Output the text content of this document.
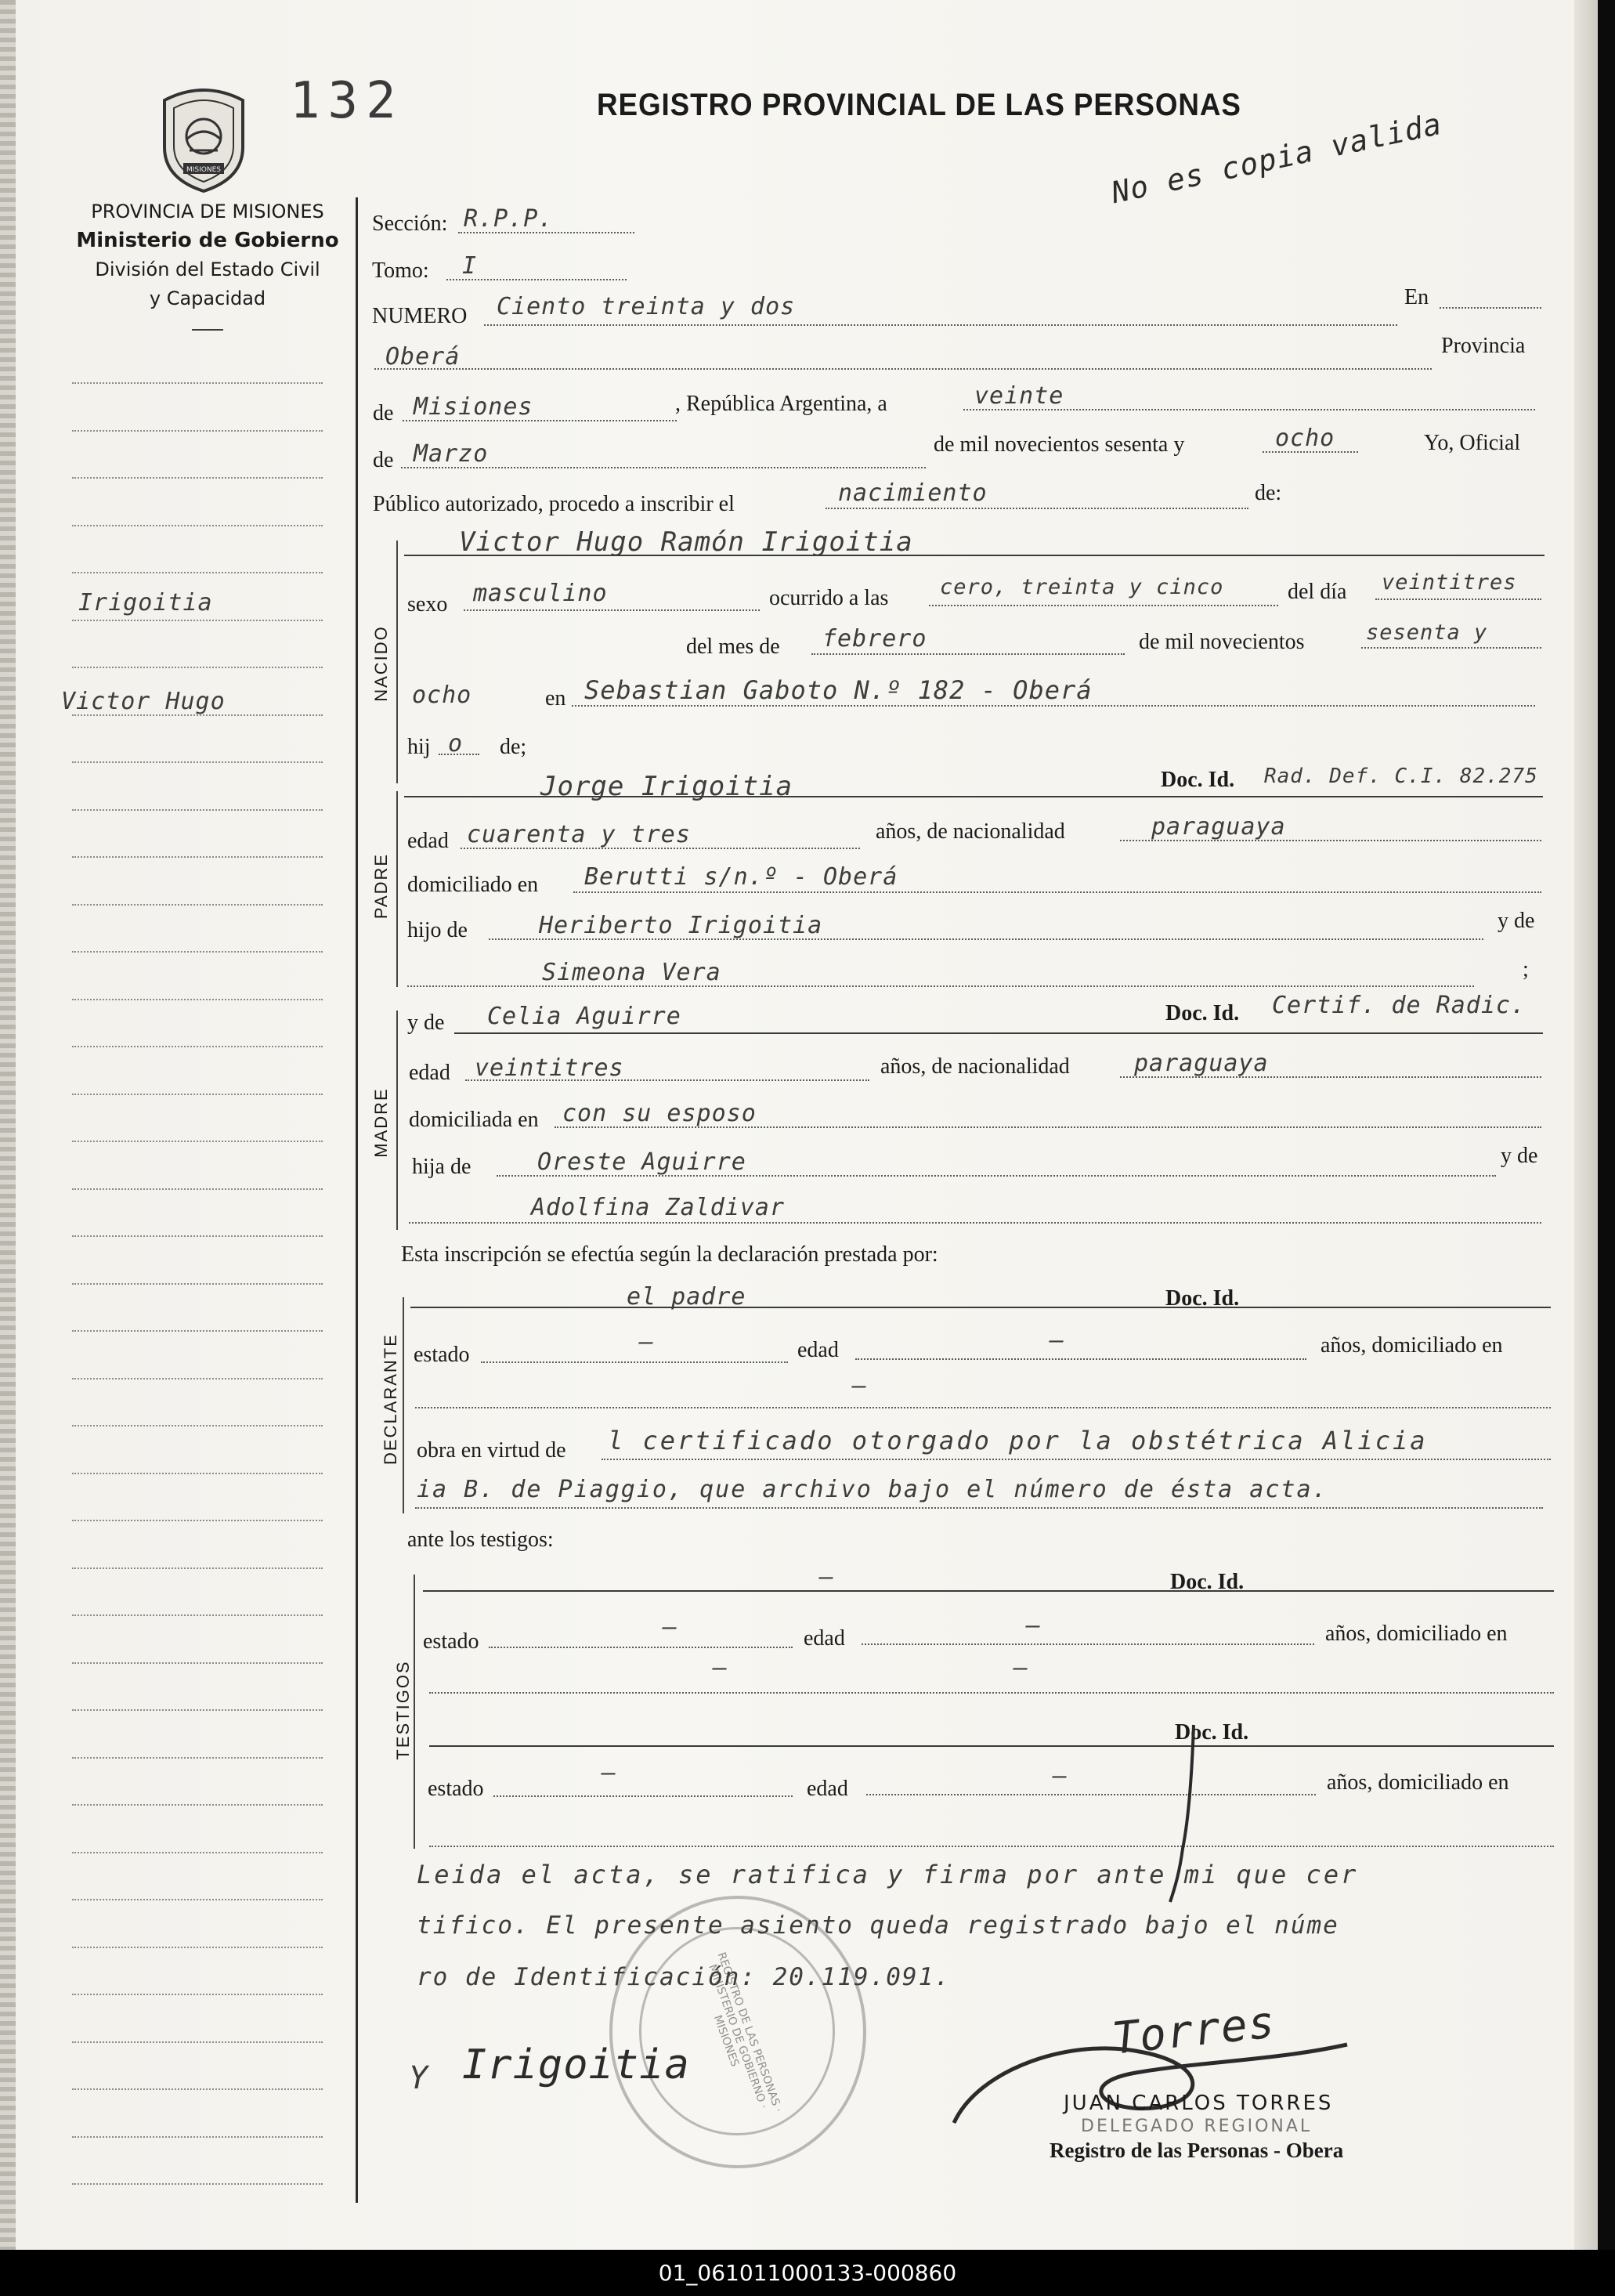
MISIONES
132	REGISTRO PROVINCIAL DE LAS PERSONAS
No es copia valida
PROVINCIA DE MISIONES
Ministerio de Gobierno
División del Estado Civil
y Capacidad
Irigoitia
Victor Hugo
Sección: R.P.P.
Tomo: I
NUMERO Ciento treinta y dos	En
Oberá	Provincia
de Misiones	, República Argentina, a	veinte
de Marzo	de mil novecientos sesenta y	ocho	Yo, Oficial
Público autorizado, procedo a inscribir el	nacimiento	de:
NACIDO
Victor Hugo Ramón Irigoitia
sexo masculino	ocurrido a las cero, treinta y cinco	del día veintitres
del mes de febrero	de mil novecientos	sesenta y
ocho	en Sebastian Gaboto N.º 182 - Oberá
hij o de;
PADRE
Jorge Irigoitia	Doc. Id. Rad. Def. C.I. 82.275
edad cuarenta y tres	años, de nacionalidad	paraguaya
domiciliado en Berutti s/n.º - Oberá
hijo de	Heriberto Irigoitia	y de
Simeona Vera	;
MADRE
y de Celia Aguirre	Doc. Id. Certif. de Radic.
edad veintitres	años, de nacionalidad	paraguaya
domiciliada en con su esposo
hija de	Oreste Aguirre	y de
Adolfina Zaldivar
Esta inscripción se efectúa según la declaración prestada por:
DECLARANTE
el padre	Doc. Id.
estado	–	edad	–	años, domiciliado en
–
obra en virtud de l certificado otorgado por la obstétrica Alicia
ia B. de Piaggio, que archivo bajo el número de ésta acta.
ante los testigos:
TESTIGOS
–	Doc. Id.
estado
–	edad	–	años, domiciliado en
–	–
Doc. Id.
estado
–
edad	–	años, domiciliado en
Leida el acta, se ratifica y firma por ante mi que cer
tifico. El presente asiento queda registrado bajo el núme
ro de Identificación: 20.119.091.
REGISTRO DE LAS PERSONAS · MINISTERIO DE GOBIERNO · MISIONES
Y Irigoitia
Torres
JUAN CARLOS TORRES
DELEGADO REGIONAL
Registro de las Personas - Obera
01_061011000133-000860
